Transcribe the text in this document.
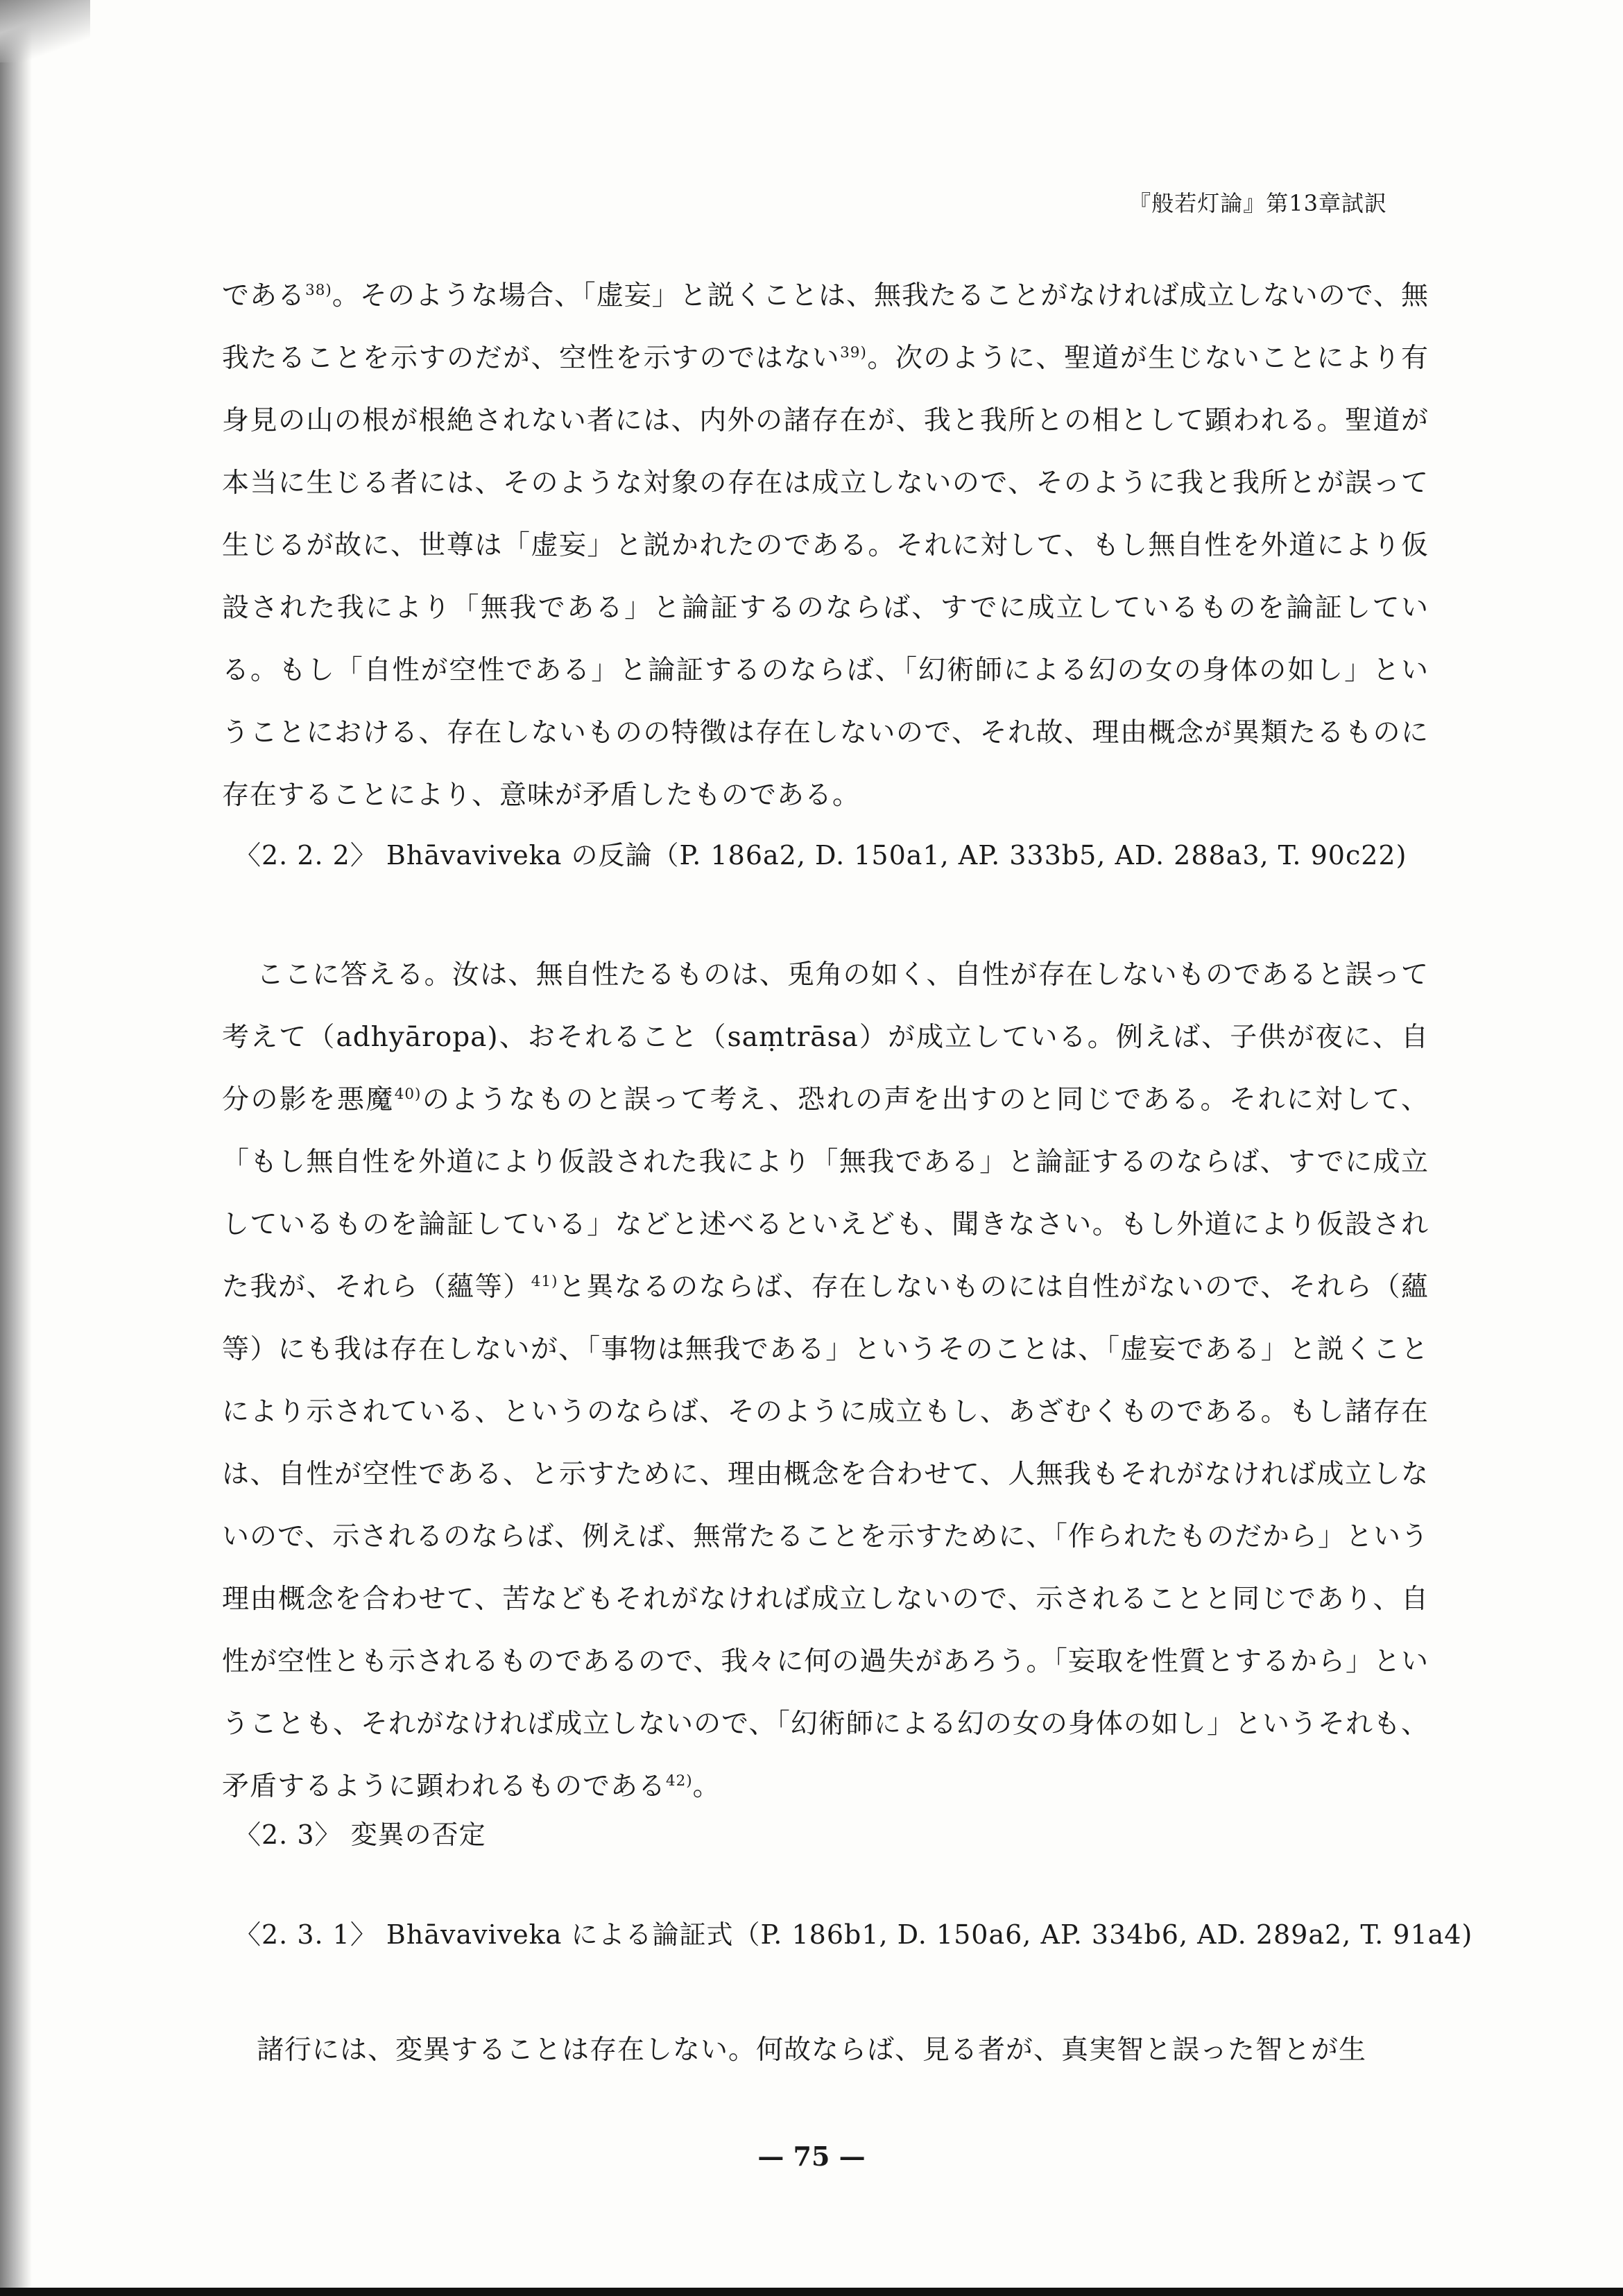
『般若灯論』第13章試訳

である$^{38)}$。そのような場合、「虚妄」と説くことは、無我たることがなければ成立しないので、無我たることを示すのだが、空性を示すのではない$^{39)}$。次のように、聖道が生じないことにより有身見の山の根が根絶されない者には、内外の諸存在が、我と我所との相として顕われる。聖道が本当に生じる者には、そのような対象の存在は成立しないので、そのように我と我所とが誤って生じるが故に、世尊は「虚妄」と説かれたのである。それに対して、もし無自性を外道により仮設された我により「無我である」と論証するのならば、すでに成立しているものを論証している。もし「自性が空性である」と論証するのならば、「幻術師による幻の女の身体の如し」ということにおける、存在しないものの特徴は存在しないので、それ故、理由概念が異類たるものに存在することにより、意味が矛盾したものである。

〈2. 2. 2〉 Bhāvaviveka の反論（P. 186a2, D. 150a1, AP. 333b5, AD. 288a3, T. 90c22)

ここに答える。汝は、無自性たるものは、兎角の如く、自性が存在しないものであると誤って考えて（adhyāropa)、おそれること（saṃtrāsa）が成立している。例えば、子供が夜に、自分の影を悪魔$^{40)}$のようなものと誤って考え、恐れの声を出すのと同じである。それに対して、「もし無自性を外道により仮設された我により「無我である」と論証するのならば、すでに成立しているものを論証している」などと述べるといえども、聞きなさい。もし外道により仮設された我が、それら（蘊等）$^{41)}$と異なるのならば、存在しないものには自性がないので、それら（蘊等）にも我は存在しないが、「事物は無我である」というそのことは、「虚妄である」と説くことにより示されている、というのならば、そのように成立もし、あざむくものである。もし諸存在は、自性が空性である、と示すために、理由概念を合わせて、人無我もそれがなければ成立しないので、示されるのならば、例えば、無常たることを示すために、「作られたものだから」という理由概念を合わせて、苦などもそれがなければ成立しないので、示されることと同じであり、自性が空性とも示されるものであるので、我々に何の過失があろう。「妄取を性質とするから」ということも、それがなければ成立しないので、「幻術師による幻の女の身体の如し」というそれも、矛盾するように顕われるものである$^{42)}$。

〈2. 3〉 変異の否定
〈2. 3. 1〉 Bhāvaviveka による論証式（P. 186b1, D. 150a6, AP. 334b6, AD. 289a2, T. 91a4)

諸行には、変異することは存在しない。何故ならば、見る者が、真実智と誤った智とが生

— 75 —
